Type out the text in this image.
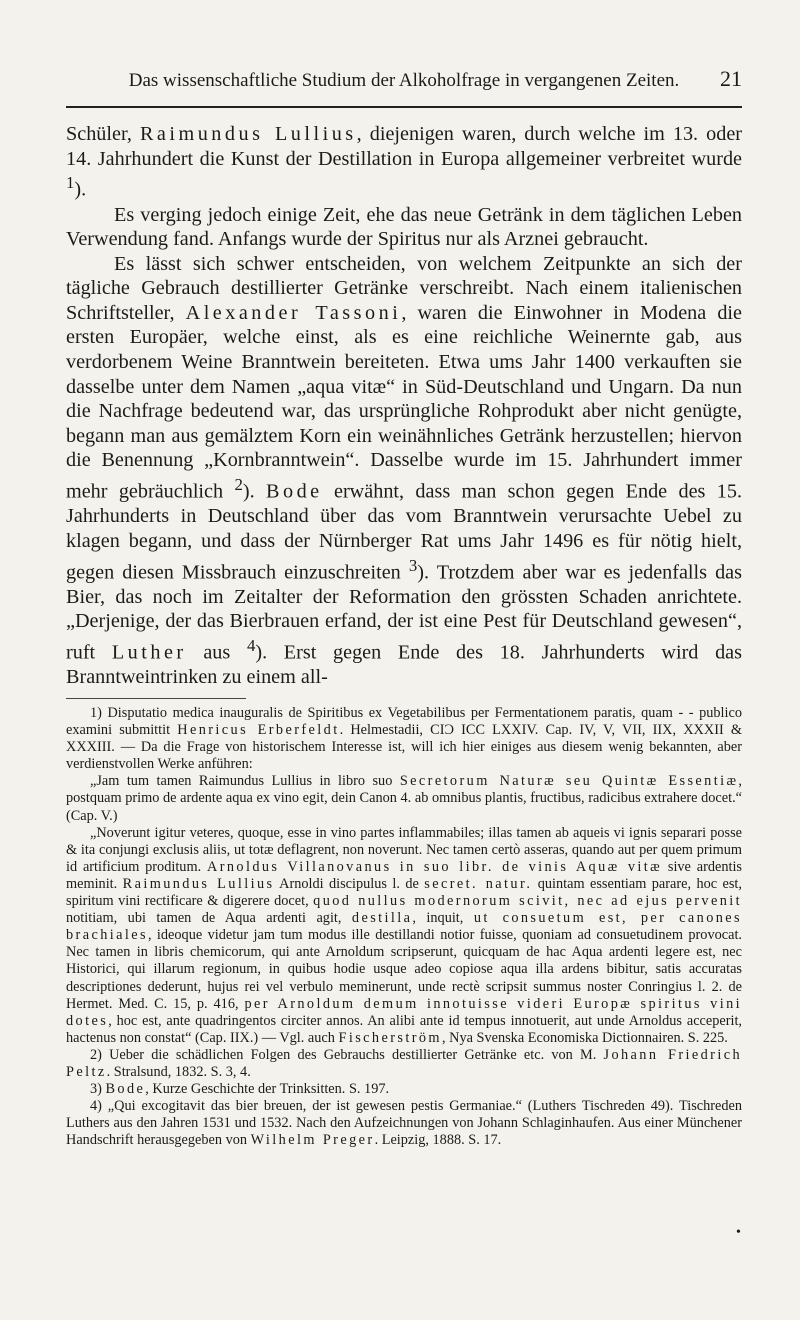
Das wissenschaftliche Studium der Alkoholfrage in vergangenen Zeiten. 21

Schüler, Raimundus Lullius, diejenigen waren, durch welche im 13. oder 14. Jahrhundert die Kunst der Destillation in Europa allgemeiner verbreitet wurde $^1$).

Es verging jedoch einige Zeit, ehe das neue Getränk in dem täglichen Leben Verwendung fand. Anfangs wurde der Spiritus nur als Arznei gebraucht.

Es lässt sich schwer entscheiden, von welchem Zeitpunkte an sich der tägliche Gebrauch destillierter Getränke verschreibt. Nach einem italienischen Schriftsteller, Alexander Tassoni, waren die Einwohner in Modena die ersten Europäer, welche einst, als es eine reichliche Weinernte gab, aus verdorbenem Weine Branntwein bereiteten. Etwa ums Jahr 1400 verkauften sie dasselbe unter dem Namen „aqua vitæ“ in Süd-Deutschland und Ungarn. Da nun die Nachfrage bedeutend war, das ursprüngliche Rohprodukt aber nicht genügte, begann man aus gemälztem Korn ein weinähnliches Getränk herzustellen; hiervon die Benennung „Kornbranntwein“. Dasselbe wurde im 15. Jahrhundert immer mehr gebräuchlich $^2$). Bode erwähnt, dass man schon gegen Ende des 15. Jahrhunderts in Deutschland über das vom Branntwein verursachte Uebel zu klagen begann, und dass der Nürnberger Rat ums Jahr 1496 es für nötig hielt, gegen diesen Missbrauch einzuschreiten $^3$). Trotzdem aber war es jedenfalls das Bier, das noch im Zeitalter der Reformation den grössten Schaden anrichtete. „Derjenige, der das Bierbrauen erfand, der ist eine Pest für Deutschland gewesen“, ruft Luther aus $^4$). Erst gegen Ende des 18. Jahrhunderts wird das Branntweintrinken zu einem all-

1) Disputatio medica inauguralis de Spiritibus ex Vegetabilibus per Fermentationem paratis, quam - - publico examini submittit Henricus Erberfeldt. Helmestadii, CIƆ ICC LXXIV. Cap. IV, V, VII, IIX, XXXII & XXXIII. — Da die Frage von historischem Interesse ist, will ich hier einiges aus diesem wenig bekannten, aber verdienstvollen Werke anführen:

„Jam tum tamen Raimundus Lullius in libro suo Secretorum Naturæ seu Quintæ Essentiæ, postquam primo de ardente aqua ex vino egit, dein Canon 4. ab omnibus plantis, fructibus, radicibus extrahere docet.“ (Cap. V.)

„Noverunt igitur veteres, quoque, esse in vino partes inflammabiles; illas tamen ab aqueis vi ignis separari posse & ita conjungi exclusis aliis, ut totæ deflagrent, non noverunt. Nec tamen certò asseras, quando aut per quem primum id artificium proditum. Arnoldus Villanovanus in suo libr. de vinis Aquæ vitæ sive ardentis meminit. Raimundus Lullius Arnoldi discipulus l. de secret. natur. quintam essentiam parare, hoc est, spiritum vini rectificare & digerere docet, quod nullus modernorum scivit, nec ad ejus pervenit notitiam, ubi tamen de Aqua ardenti agit, destilla, inquit, ut consuetum est, per canones brachiales, ideoque videtur jam tum modus ille destillandi notior fuisse, quoniam ad consuetudinem provocat. Nec tamen in libris chemicorum, qui ante Arnoldum scripserunt, quicquam de hac Aqua ardenti legere est, nec Historici, qui illarum regionum, in quibus hodie usque adeo copiose aqua illa ardens bibitur, satis accuratas descriptiones dederunt, hujus rei vel verbulo meminerunt, unde rectè scripsit summus noster Conringius l. 2. de Hermet. Med. C. 15, p. 416, per Arnoldum demum innotuisse videri Europæ spiritus vini dotes, hoc est, ante quadringentos circiter annos. An alibi ante id tempus innotuerit, aut unde Arnoldus acceperit, hactenus non constat“ (Cap. IIX.) — Vgl. auch Fischerström, Nya Svenska Economiska Dictionnairen. S. 225.

2) Ueber die schädlichen Folgen des Gebrauchs destillierter Getränke etc. von M. Johann Friedrich Peltz. Stralsund, 1832. S. 3, 4.

3) Bode, Kurze Geschichte der Trinksitten. S. 197.

4) „Qui excogitavit das bier breuen, der ist gewesen pestis Germaniae.“ (Luthers Tischreden 49). Tischreden Luthers aus den Jahren 1531 und 1532. Nach den Aufzeichnungen von Johann Schlaginhaufen. Aus einer Münchener Handschrift herausgegeben von Wilhelm Preger. Leipzig, 1888. S. 17.

•
